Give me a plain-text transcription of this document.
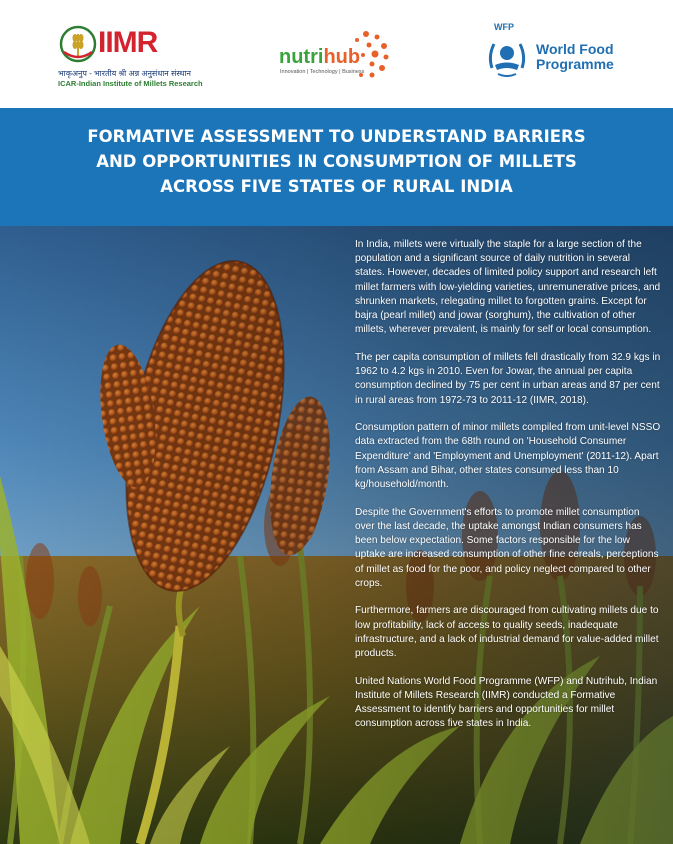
IIMR
भाकृअनुप - भारतीय श्री अन्न अनुसंधान संस्थान
ICAR-Indian Institute of Millets Research
nutrihub
Innovation | Technology | Business
WFP
World Food
Programme
FORMATIVE ASSESSMENT TO UNDERSTAND BARRIERS
AND OPPORTUNITIES IN CONSUMPTION OF MILLETS
ACROSS FIVE STATES OF RURAL INDIA

In India, millets were virtually the staple for a large section of the population and a significant source of daily nutrition in several states. However, decades of limited policy support and research left millet farmers with low-yielding varieties, unremunerative prices, and shrunken markets, relegating millet to forgotten grains. Except for bajra (pearl millet) and jowar (sorghum), the cultivation of other millets, wherever prevalent, is mainly for self or local consumption.

The per capita consumption of millets fell drastically from 32.9 kgs in 1962 to 4.2 kgs in 2010. Even for Jowar, the annual per capita consumption declined by 75 per cent in urban areas and 87 per cent in rural areas from 1972-73 to 2011-12 (IIMR, 2018).

Consumption pattern of minor millets compiled from unit-level NSSO data extracted from the 68th round on 'Household Consumer Expenditure' and 'Employment and Unemployment' (2011-12). Apart from Assam and Bihar, other states consumed less than 10 kg/household/month.

Despite the Government's efforts to promote millet consumption over the last decade, the uptake amongst Indian consumers has been below expectation. Some factors responsible for the low uptake are increased consumption of other fine cereals, perceptions of millet as food for the poor, and policy neglect compared to other crops.

Furthermore, farmers are discouraged from cultivating millets due to low profitability, lack of access to quality seeds, inadequate infrastructure, and a lack of industrial demand for value-added millet products.

United Nations World Food Programme (WFP) and Nutrihub, Indian Institute of Millets Research (IIMR) conducted a Formative Assessment to identify barriers and opportunities for millet consumption across five states in India.
